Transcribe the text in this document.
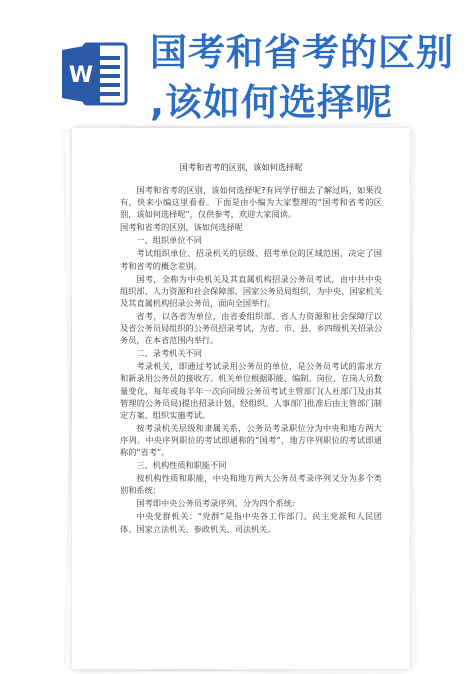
W
国考和省考的区别
,该如何选择呢
国考和省考的区别，该如何选择呢

国考和省考的区别，该如何选择呢?有同学仔细去了解过吗，如果没有，快来小编这里看看。下面是由小编为大家整理的“国考和省考的区别，该如何选择呢”，仅供参考，欢迎大家阅读。

国考和省考的区别，该如何选择呢

一、组织单位不同

考试组织单位、招录机关的层级、招考单位的区域范围，决定了国考和省考的概念差别。

国考，全称为中央机关及其直属机构招录公务员考试，由中共中央组织部、人力资源和社会保障部、国家公务员局组织，为中央、国家机关及其直属机构招录公务员，面向全国举行。

省考，以各省为单位，由省委组织部、省人力资源和社会保障厅以及省公务员局组织的公务员招录考试，为省、市、县、乡四级机关招录公务员，在本省范围内举行。

二、录考机关不同

考录机关，即通过考试录用公务员的单位，是公务员考试的需求方和新录用公务员的接收方。机关单位根据职能、编制、岗位、在岗人员数量变化，每年或每半年一次向同级公务员考试主管部门(人社部门及由其管理的公务员局)提出招录计划，经组织、人事部门批准后由主管部门制定方案、组织实施考试。

按考录机关层级和隶属关系，公务员考录职位分为中央和地方两大序列。中央序列职位的考试即通称的“国考”，地方序列职位的考试即通称的“省考”。

三、机构性质和职能不同

按机构性质和职能，中央和地方两大公务员考录序列又分为多个类别和系统：

国考即中央公务员考录序列，分为四个系统:

中央党群机关：“党群”是指中央各工作部门、民主党派和人民团体、国家立法机关、参政机关、司法机关。
